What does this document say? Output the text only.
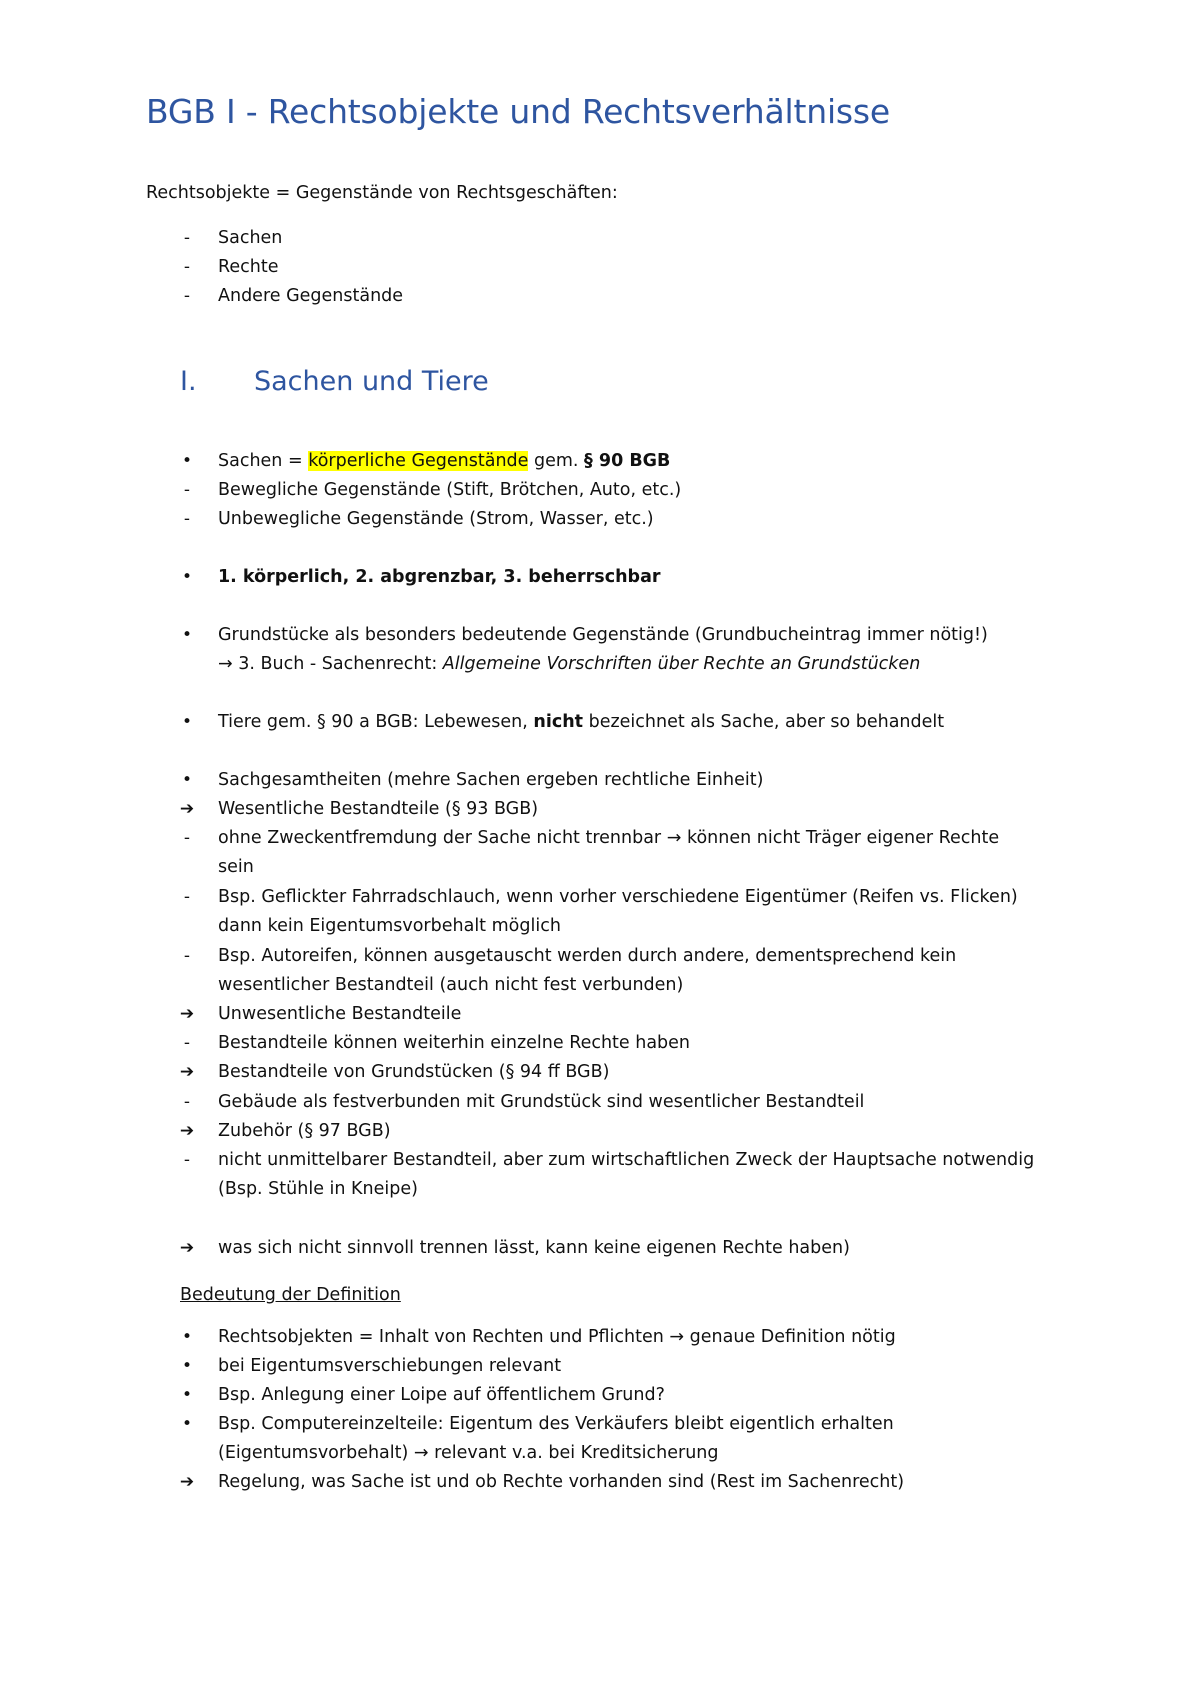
BGB I - Rechtsobjekte und Rechtsverhältnisse
Rechtsobjekte = Gegenstände von Rechtsgeschäften:
-	Sachen
-	Rechte
-	Andere Gegenstände
I. Sachen und Tiere
•	Sachen = körperliche Gegenstände gem. § 90 BGB
-	Bewegliche Gegenstände (Stift, Brötchen, Auto, etc.)
-	Unbewegliche Gegenstände (Strom, Wasser, etc.)
•	1. körperlich, 2. abgrenzbar, 3. beherrschbar
•	Grundstücke als besonders bedeutende Gegenstände (Grundbucheintrag immer nötig!)
→ 3. Buch - Sachenrecht: Allgemeine Vorschriften über Rechte an Grundstücken
•	Tiere gem. § 90 a BGB: Lebewesen, nicht bezeichnet als Sache, aber so behandelt
•	Sachgesamtheiten (mehre Sachen ergeben rechtliche Einheit)
➔ Wesentliche Bestandteile (§ 93 BGB)
-	ohne Zweckentfremdung der Sache nicht trennbar → können nicht Träger eigener Rechte
sein
-	Bsp. Geflickter Fahrradschlauch, wenn vorher verschiedene Eigentümer (Reifen vs. Flicken)
dann kein Eigentumsvorbehalt möglich
-	Bsp. Autoreifen, können ausgetauscht werden durch andere, dementsprechend kein
wesentlicher Bestandteil (auch nicht fest verbunden)
➔ Unwesentliche Bestandteile
-	Bestandteile können weiterhin einzelne Rechte haben
➔ Bestandteile von Grundstücken (§ 94 ff BGB)
-	Gebäude als festverbunden mit Grundstück sind wesentlicher Bestandteil
➔ Zubehör (§ 97 BGB)
-	nicht unmittelbarer Bestandteil, aber zum wirtschaftlichen Zweck der Hauptsache notwendig
(Bsp. Stühle in Kneipe)
➔ was sich nicht sinnvoll trennen lässt, kann keine eigenen Rechte haben)
Bedeutung der Definition
•	Rechtsobjekten = Inhalt von Rechten und Pflichten → genaue Definition nötig
•	bei Eigentumsverschiebungen relevant
•	Bsp. Anlegung einer Loipe auf öffentlichem Grund?
•	Bsp. Computereinzelteile: Eigentum des Verkäufers bleibt eigentlich erhalten
(Eigentumsvorbehalt) → relevant v.a. bei Kreditsicherung
➔ Regelung, was Sache ist und ob Rechte vorhanden sind (Rest im Sachenrecht)
